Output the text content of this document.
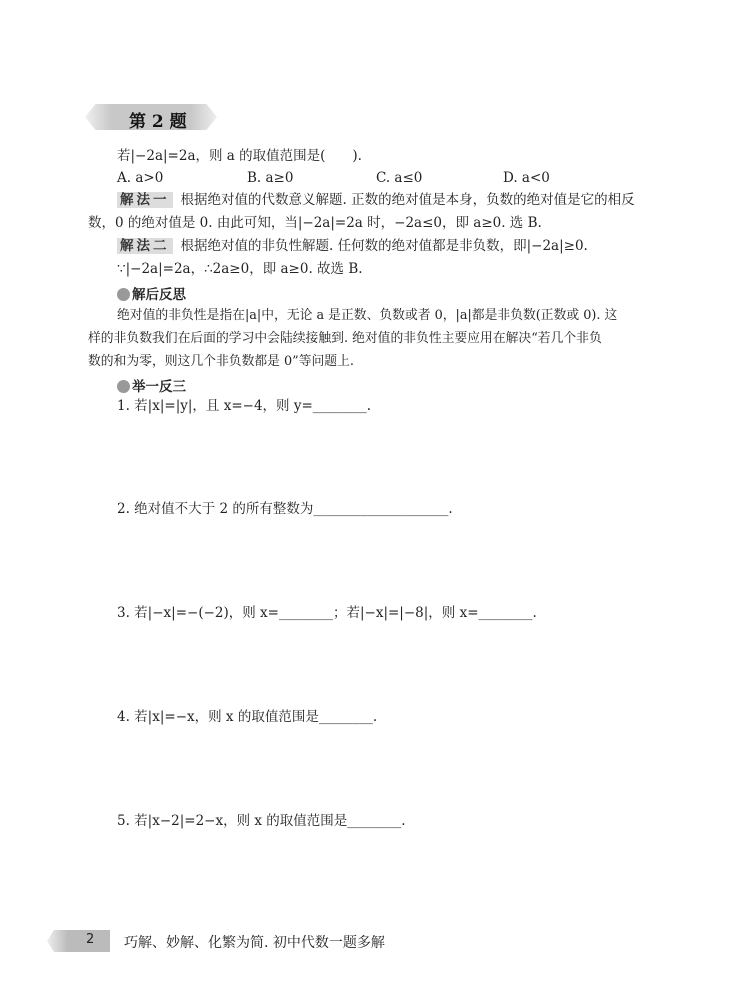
第 2 题
若|−2a|=2a，则 a 的取值范围是(　　).
A. a>0	B. a≥0	C. a≤0	D. a<0
解法一 根据绝对值的代数意义解题. 正数的绝对值是本身，负数的绝对值是它的相反
数，0 的绝对值是 0. 由此可知，当|−2a|=2a 时，−2a≤0，即 a≥0. 选 B.
解法二 根据绝对值的非负性解题. 任何数的绝对值都是非负数，即|−2a|≥0.
∵|−2a|=2a，∴2a≥0，即 a≥0. 故选 B.
解后反思
绝对值的非负性是指在|a|中，无论 a 是正数、负数或者 0，|a|都是非负数(正数或 0). 这
样的非负数我们在后面的学习中会陆续接触到. 绝对值的非负性主要应用在解决“若几个非负
数的和为零，则这几个非负数都是 0”等问题上.
举一反三
1. 若|x|=|y|，且 x=−4，则 y=________.
2. 绝对值不大于 2 的所有整数为____________________.
3. 若|−x|=−(−2)，则 x=________；若|−x|=|−8|，则 x=________.
4. 若|x|=−x，则 x 的取值范围是________.
5. 若|x−2|=2−x，则 x 的取值范围是________.
2 巧解、妙解、化繁为简. 初中代数一题多解
